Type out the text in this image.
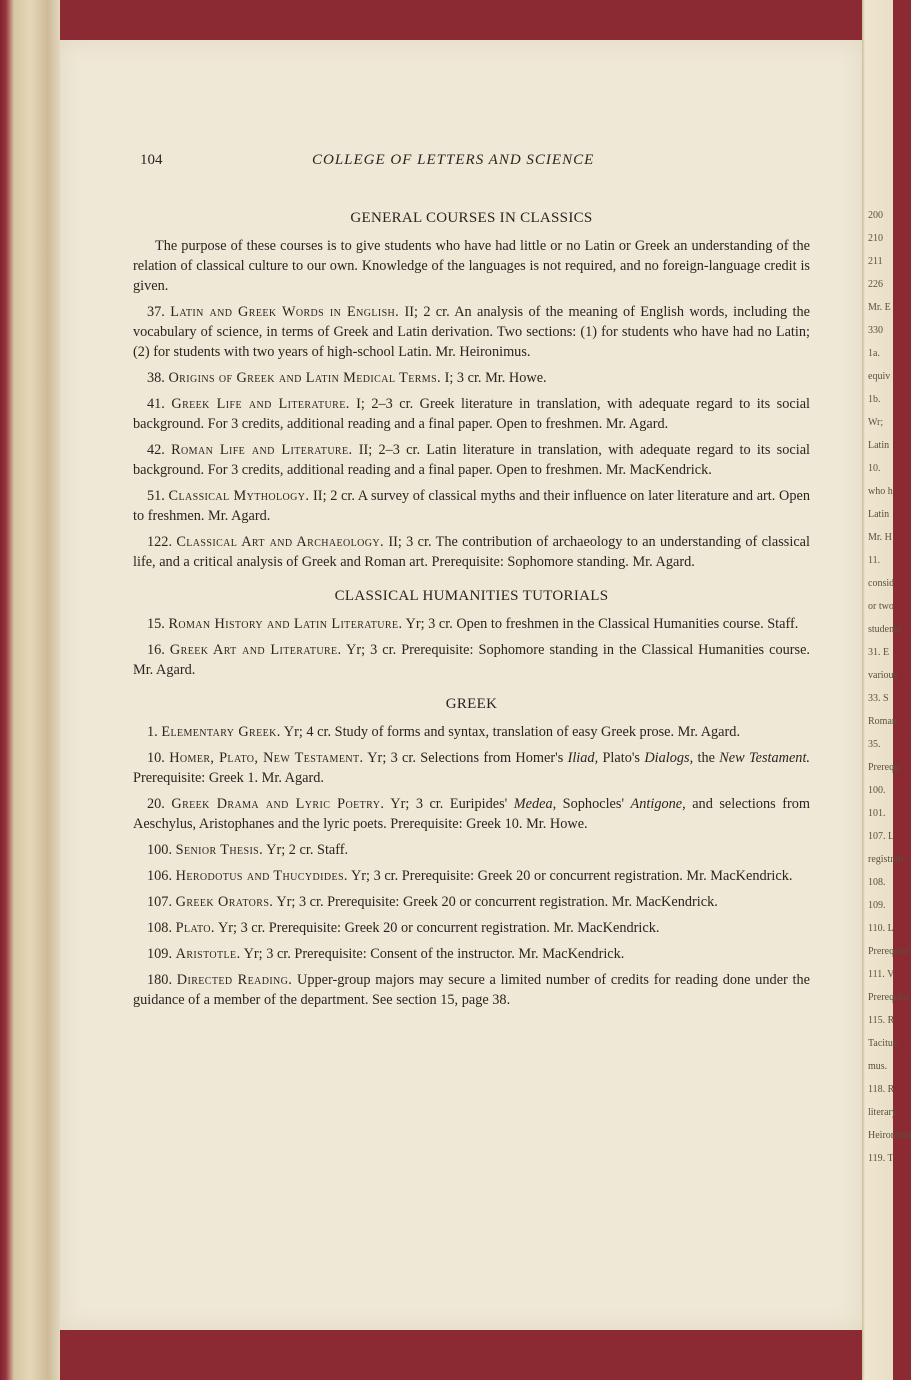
200
210
211
226
Mr. E
330
1a.
equiv
1b.
Wr;
Latin
10.
who h
Latin
Mr. H
11.
consid
or two
students
31. E
various
33. S
Roman
35.
Prerequ
100.
101.
107. L
registrati
108.
109.
110. L
Prerequisi
111. V
Prerequisi
115. R
Tacitus,
mus.
118. R
literary
Heironimu
119. T
104	COLLEGE OF LETTERS AND SCIENCE
GENERAL COURSES IN CLASSICS
The purpose of these courses is to give students who have had little or no Latin or Greek an understanding of the relation of classical culture to our own. Knowledge of the languages is not required, and no foreign-language credit is given.
37. Latin and Greek Words in English. II; 2 cr. An analysis of the meaning of English words, including the vocabulary of science, in terms of Greek and Latin derivation. Two sections: (1) for students who have had no Latin; (2) for students with two years of high-school Latin. Mr. Heironimus.
38. Origins of Greek and Latin Medical Terms. I; 3 cr. Mr. Howe.
41. Greek Life and Literature. I; 2–3 cr. Greek literature in translation, with adequate regard to its social background. For 3 credits, additional reading and a final paper. Open to freshmen. Mr. Agard.
42. Roman Life and Literature. II; 2–3 cr. Latin literature in translation, with adequate regard to its social background. For 3 credits, additional reading and a final paper. Open to freshmen. Mr. MacKendrick.
51. Classical Mythology. II; 2 cr. A survey of classical myths and their influence on later literature and art. Open to freshmen. Mr. Agard.
122. Classical Art and Archaeology. II; 3 cr. The contribution of archaeology to an understanding of classical life, and a critical analysis of Greek and Roman art. Prerequisite: Sophomore standing. Mr. Agard.
CLASSICAL HUMANITIES TUTORIALS
15. Roman History and Latin Literature. Yr; 3 cr. Open to freshmen in the Classical Humanities course. Staff.
16. Greek Art and Literature. Yr; 3 cr. Prerequisite: Sophomore standing in the Classical Humanities course. Mr. Agard.
GREEK
1. Elementary Greek. Yr; 4 cr. Study of forms and syntax, translation of easy Greek prose. Mr. Agard.
10. Homer, Plato, New Testament. Yr; 3 cr. Selections from Homer's Iliad, Plato's Dialogs, the New Testament. Prerequisite: Greek 1. Mr. Agard.
20. Greek Drama and Lyric Poetry. Yr; 3 cr. Euripides' Medea, Sophocles' Antigone, and selections from Aeschylus, Aristophanes and the lyric poets. Prerequisite: Greek 10. Mr. Howe.
100. Senior Thesis. Yr; 2 cr. Staff.
106. Herodotus and Thucydides. Yr; 3 cr. Prerequisite: Greek 20 or concurrent registration. Mr. MacKendrick.
107. Greek Orators. Yr; 3 cr. Prerequisite: Greek 20 or concurrent registration. Mr. MacKendrick.
108. Plato. Yr; 3 cr. Prerequisite: Greek 20 or concurrent registration. Mr. MacKendrick.
109. Aristotle. Yr; 3 cr. Prerequisite: Consent of the instructor. Mr. MacKendrick.
180. Directed Reading. Upper-group majors may secure a limited number of credits for reading done under the guidance of a member of the department. See section 15, page 38.
